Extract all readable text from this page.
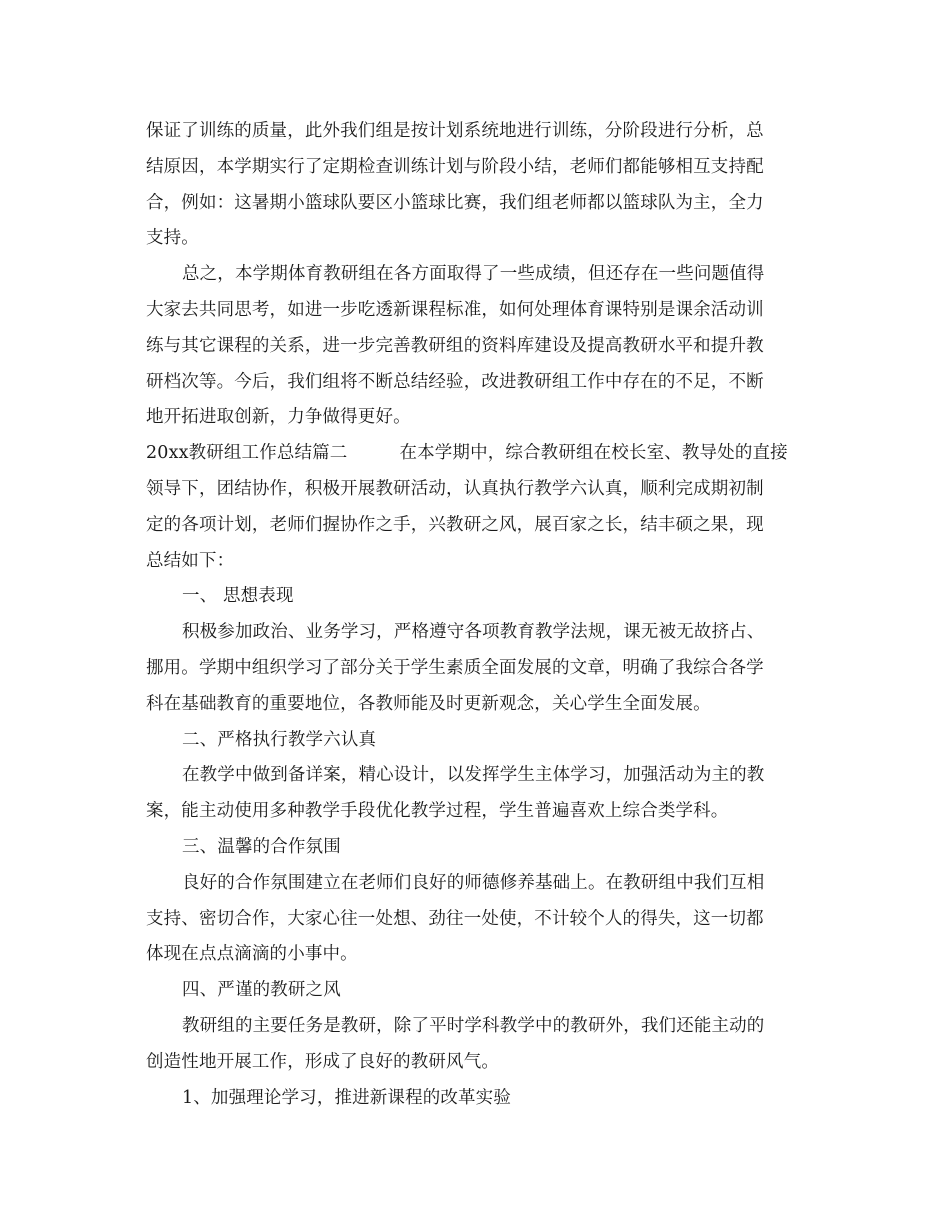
保证了训练的质量，此外我们组是按计划系统地进行训练，分阶段进行分析，总
结原因，本学期实行了定期检查训练计划与阶段小结，老师们都能够相互支持配
合，例如：这暑期小篮球队要区小篮球比赛，我们组老师都以篮球队为主，全力
支持。
总之，本学期体育教研组在各方面取得了一些成绩，但还存在一些问题值得
大家去共同思考，如进一步吃透新课程标准，如何处理体育课特别是课余活动训
练与其它课程的关系，进一步完善教研组的资料库建设及提高教研水平和提升教
研档次等。今后，我们组将不断总结经验，改进教研组工作中存在的不足，不断
地开拓进取创新，力争做得更好。
20xx教研组工作总结篇二	在本学期中，综合教研组在校长室、教导处的直接
领导下，团结协作，积极开展教研活动，认真执行教学六认真，顺利完成期初制
定的各项计划，老师们握协作之手，兴教研之风，展百家之长，结丰硕之果，现
总结如下：
一、 思想表现
积极参加政治、业务学习，严格遵守各项教育教学法规，课无被无故挤占、
挪用。学期中组织学习了部分关于学生素质全面发展的文章，明确了我综合各学
科在基础教育的重要地位，各教师能及时更新观念，关心学生全面发展。
二、严格执行教学六认真
在教学中做到备详案，精心设计，以发挥学生主体学习，加强活动为主的教
案，能主动使用多种教学手段优化教学过程，学生普遍喜欢上综合类学科。
三、温馨的合作氛围
良好的合作氛围建立在老师们良好的师德修养基础上。在教研组中我们互相
支持、密切合作，大家心往一处想、劲往一处使，不计较个人的得失，这一切都
体现在点点滴滴的小事中。
四、严谨的教研之风
教研组的主要任务是教研，除了平时学科教学中的教研外，我们还能主动的
创造性地开展工作，形成了良好的教研风气。
1、加强理论学习，推进新课程的改革实验
